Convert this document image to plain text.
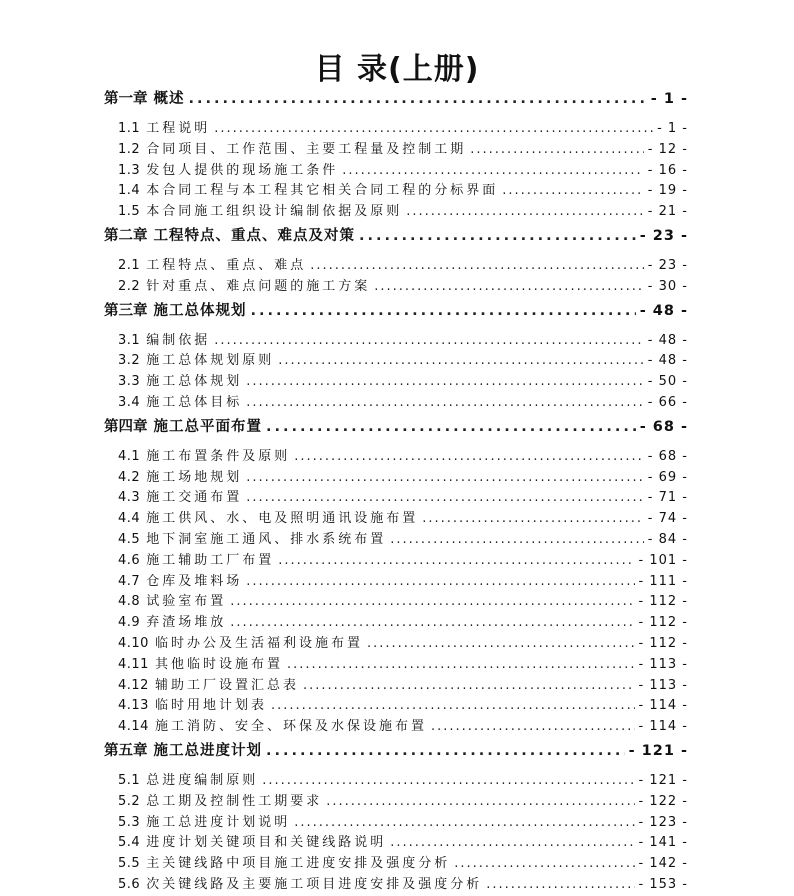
目 录(上册)
第一章 概述 .....	- 1 -
1.1 工程说明 .....	- 1 -
1.2 合同项目、工作范围、主要工程量及控制工期 .....	- 12 -
1.3 发包人提供的现场施工条件 .....	- 16 -
1.4 本合同工程与本工程其它相关合同工程的分标界面 .....	- 19 -
1.5 本合同施工组织设计编制依据及原则 .....	- 21 -
第二章 工程特点、重点、难点及对策 .....	- 23 -
2.1 工程特点、重点、难点 .....	- 23 -
2.2 针对重点、难点问题的施工方案 .....	- 30 -
第三章 施工总体规划 .....	- 48 -
3.1 编制依据 .....	- 48 -
3.2 施工总体规划原则 .....	- 48 -
3.3 施工总体规划 .....	- 50 -
3.4 施工总体目标 .....	- 66 -
第四章 施工总平面布置 .....	- 68 -
4.1 施工布置条件及原则 .....	- 68 -
4.2 施工场地规划 .....	- 69 -
4.3 施工交通布置 .....	- 71 -
4.4 施工供风、水、电及照明通讯设施布置 .....	- 74 -
4.5 地下洞室施工通风、排水系统布置 .....	- 84 -
4.6 施工辅助工厂布置 .....	- 101 -
4.7 仓库及堆料场 .....	- 111 -
4.8 试验室布置 .....	- 112 -
4.9 弃渣场堆放 .....	- 112 -
4.10 临时办公及生活福利设施布置 .....	- 112 -
4.11 其他临时设施布置 .....	- 113 -
4.12 辅助工厂设置汇总表 .....	- 113 -
4.13 临时用地计划表 .....	- 114 -
4.14 施工消防、安全、环保及水保设施布置 .....	- 114 -
第五章 施工总进度计划 .....	- 121 -
5.1 总进度编制原则 .....	- 121 -
5.2 总工期及控制性工期要求 .....	- 122 -
5.3 施工总进度计划说明 .....	- 123 -
5.4 进度计划关键项目和关键线路说明 .....	- 141 -
5.5 主关键线路中项目施工进度安排及强度分析 .....	- 142 -
5.6 次关键线路及主要施工项目进度安排及强度分析 .....	- 153 -
